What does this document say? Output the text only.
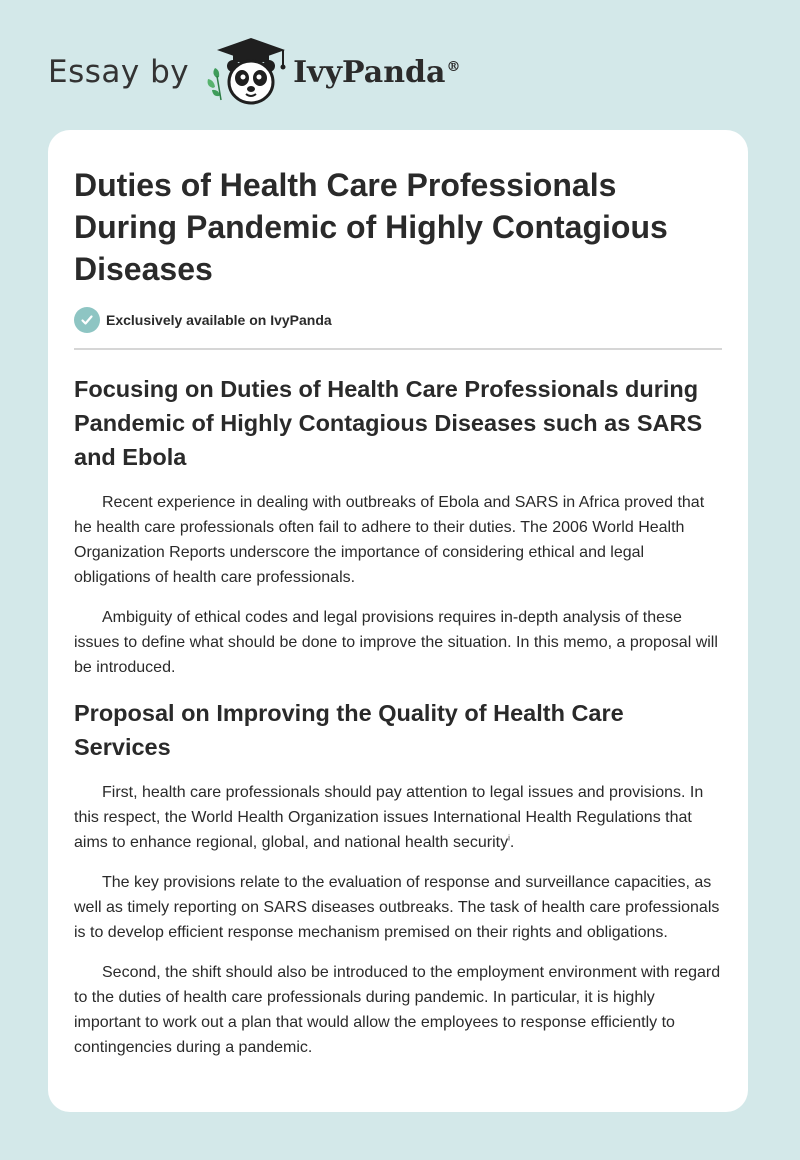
Essay by	IvyPanda®
Duties of Health Care Professionals During Pandemic of Highly Contagious Diseases
Exclusively available on IvyPanda
Focusing on Duties of Health Care Professionals during Pandemic of Highly Contagious Diseases such as SARS and Ebola

Recent experience in dealing with outbreaks of Ebola and SARS in Africa proved that he health care professionals often fail to adhere to their duties. The 2006 World Health Organization Reports underscore the importance of considering ethical and legal obligations of health care professionals.

Ambiguity of ethical codes and legal provisions requires in-depth analysis of these issues to define what should be done to improve the situation. In this memo, a proposal will be introduced.

Proposal on Improving the Quality of Health Care Services

First, health care professionals should pay attention to legal issues and provisions. In this respect, the World Health Organization issues International Health Regulations that aims to enhance regional, global, and national health security$^i$.

The key provisions relate to the evaluation of response and surveillance capacities, as well as timely reporting on SARS diseases outbreaks. The task of health care professionals is to develop efficient response mechanism premised on their rights and obligations.

Second, the shift should also be introduced to the employment environment with regard to the duties of health care professionals during pandemic. In particular, it is highly important to work out a plan that would allow the employees to response efficiently to contingencies during a pandemic.
